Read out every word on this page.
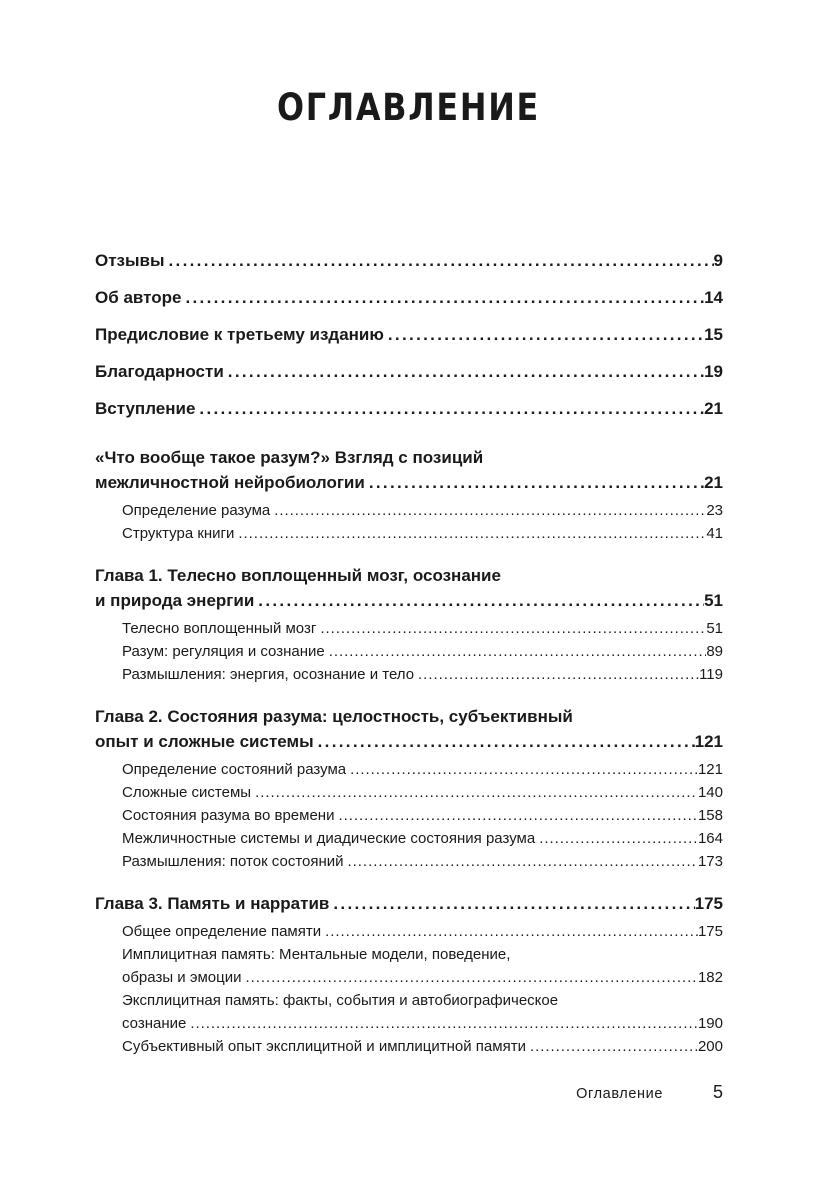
ОГЛАВЛЕНИЕ
Отзывы . . .	9
Об авторе . . .	14
Предисловие к третьему изданию . . .	15
Благодарности . . .	19
Вступление . . .	21
«Что вообще такое разум?» Взгляд с позиций
межличностной нейробиологии . . .	21
Определение разума . . .	23
Структура книги . . .	41
Глава 1. Телесно воплощенный мозг, осознание
и природа энергии . . .	51
Телесно воплощенный мозг . . .	51
Разум: регуляция и сознание . . .	89
Размышления: энергия, осознание и тело . . .	119
Глава 2. Состояния разума: целостность, субъективный
опыт и сложные системы . . .	121
Определение состояний разума . . .	121
Сложные системы . . .	140
Состояния разума во времени . . .	158
Межличностные системы и диадические состояния разума . . .	164
Размышления: поток состояний . . .	173
Глава 3. Память и нарратив . . .	175
Общее определение памяти . . .	175
Имплицитная память: Ментальные модели, поведение,
образы и эмоции . . .	182
Эксплицитная память: факты, события и автобиографическое
сознание . . .	190
Субъективный опыт эксплицитной и имплицитной памяти . . .	200
Оглавление	5
